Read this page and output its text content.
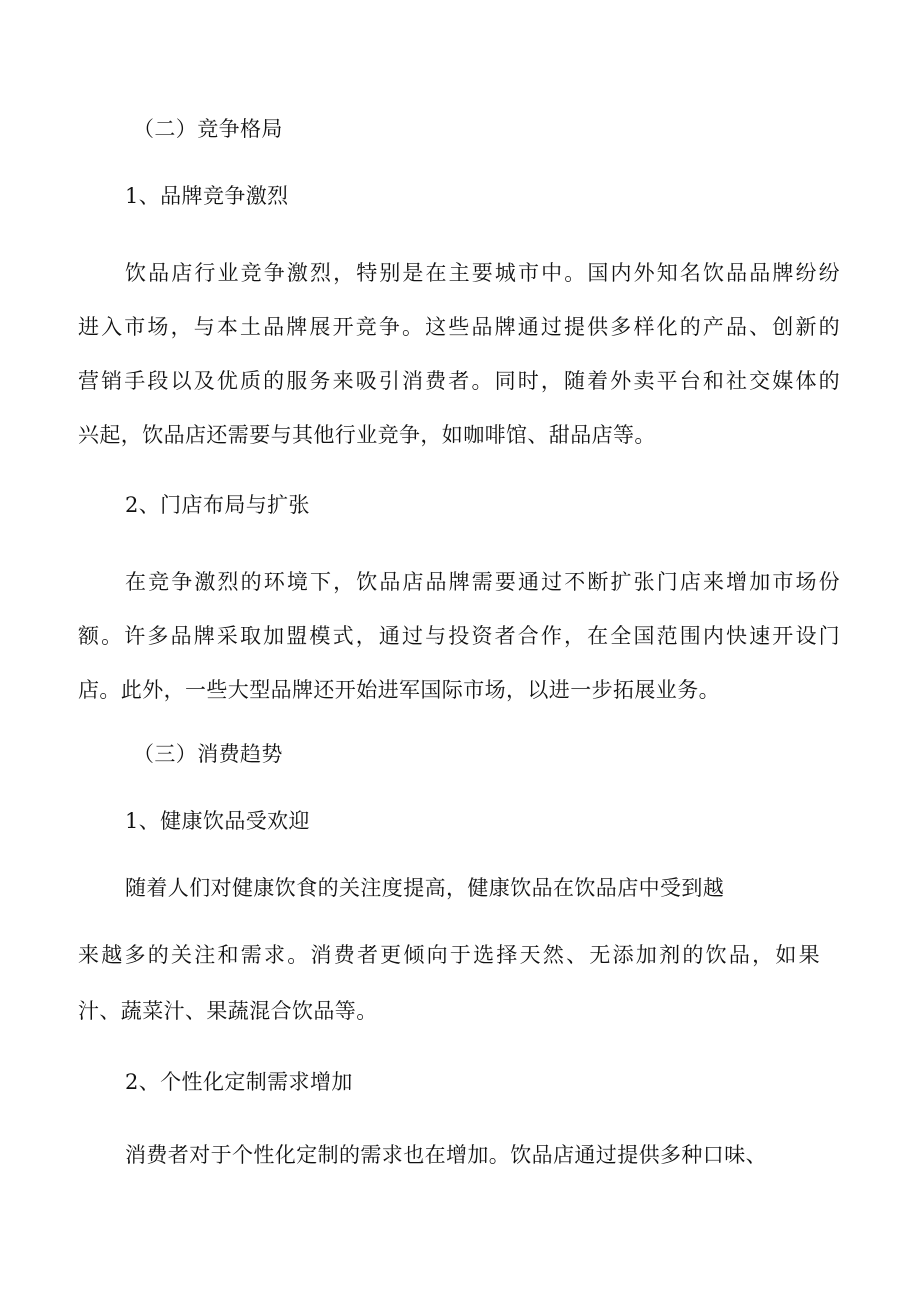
（二）竞争格局
1、品牌竞争激烈
饮品店行业竞争激烈，特别是在主要城市中。国内外知名饮品品牌纷纷
进入市场，与本土品牌展开竞争。这些品牌通过提供多样化的产品、创新的
营销手段以及优质的服务来吸引消费者。同时，随着外卖平台和社交媒体的
兴起，饮品店还需要与其他行业竞争，如咖啡馆、甜品店等。
2、门店布局与扩张
在竞争激烈的环境下，饮品店品牌需要通过不断扩张门店来增加市场份
额。许多品牌采取加盟模式，通过与投资者合作，在全国范围内快速开设门
店。此外，一些大型品牌还开始进军国际市场，以进一步拓展业务。
（三）消费趋势
1、健康饮品受欢迎
随着人们对健康饮食的关注度提高，健康饮品在饮品店中受到越
来越多的关注和需求。消费者更倾向于选择天然、无添加剂的饮品，如果
汁、蔬菜汁、果蔬混合饮品等。
2、个性化定制需求增加
消费者对于个性化定制的需求也在增加。饮品店通过提供多种口味、
